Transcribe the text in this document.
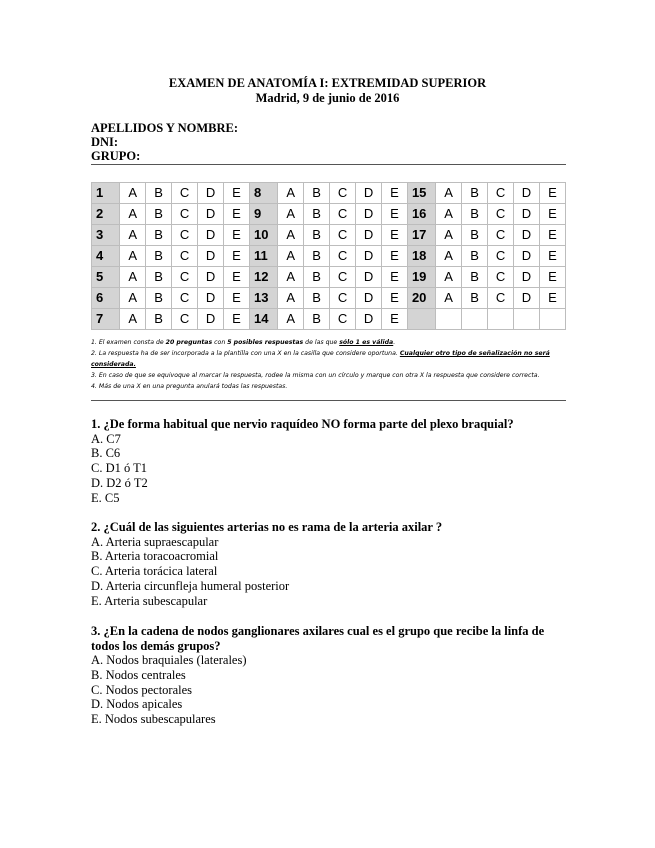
EXAMEN DE ANATOMÍA I: EXTREMIDAD SUPERIOR
Madrid, 9 de junio de 2016
APELLIDOS Y NOMBRE:
DNI:
GRUPO:
1	A	B	C	D	E	8	A	B	C	D	E	15	A	B	C	D	E
2	A	B	C	D	E	9	A	B	C	D	E	16	A	B	C	D	E
3	A	B	C	D	E	10	A	B	C	D	E	17	A	B	C	D	E
4	A	B	C	D	E	11	A	B	C	D	E	18	A	B	C	D	E
5	A	B	C	D	E	12	A	B	C	D	E	19	A	B	C	D	E
6	A	B	C	D	E	13	A	B	C	D	E	20	A	B	C	D	E
7	A	B	C	D	E	14	A	B	C	D	E						
1. El examen consta de 20 preguntas con 5 posibles respuestas de las que sólo 1 es válida.
2. La respuesta ha de ser incorporada a la plantilla con una X en la casilla que considere oportuna. Cualquier otro tipo de señalización no será considerada.
3. En caso de que se equivoque al marcar la respuesta, rodee la misma con un círculo y marque con otra X la respuesta que considere correcta.
4. Más de una X en una pregunta anulará todas las respuestas.
1. ¿De forma habitual que nervio raquídeo NO forma parte del plexo braquial?
A. C7
B. C6
C. D1 ó T1
D. D2 ó T2
E. C5
2. ¿Cuál de las siguientes arterias no es rama de la arteria axilar ?
A. Arteria supraescapular
B. Arteria toracoacromial
C. Arteria torácica lateral
D. Arteria circunfleja humeral posterior
E. Arteria subescapular
3. ¿En la cadena de nodos ganglionares axilares cual es el grupo que recibe la linfa de todos los demás grupos?
A. Nodos braquiales (laterales)
B. Nodos centrales
C. Nodos pectorales
D. Nodos apicales
E. Nodos subescapulares
